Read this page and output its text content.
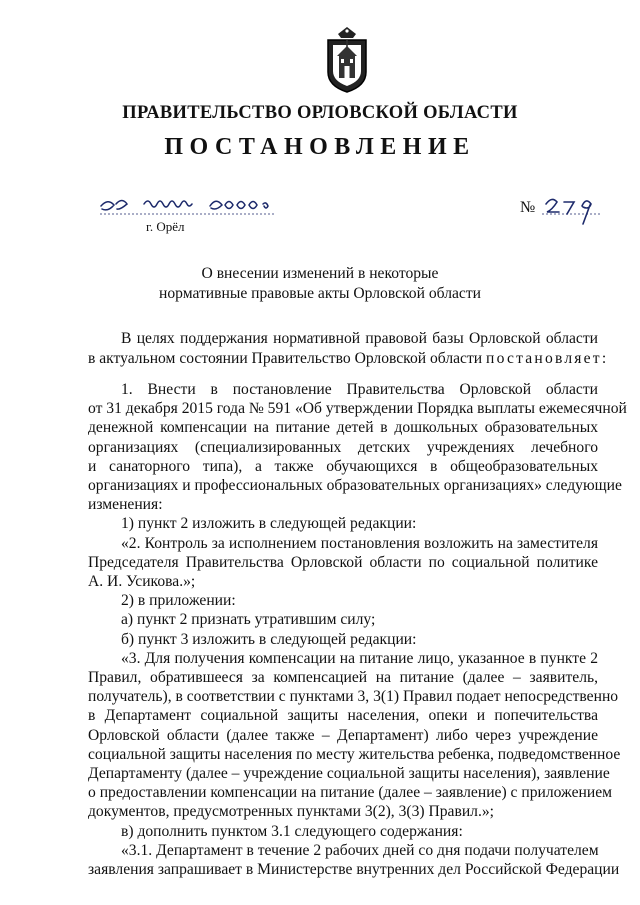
ПРАВИТЕЛЬСТВО ОРЛОВСКОЙ ОБЛАСТИ
ПОСТАНОВЛЕНИЕ
г. Орёл
№
О внесении изменений в некоторые
нормативные правовые акты Орловской области
В целях поддержания нормативной правовой базы Орловской области
в актуальном состоянии Правительство Орловской области постановляет:
1. Внести в постановление Правительства Орловской области
от 31 декабря 2015 года № 591 «Об утверждении Порядка выплаты ежемесячной
денежной компенсации на питание детей в дошкольных образовательных
организациях (специализированных детских учреждениях лечебного
и санаторного типа), а также обучающихся в общеобразовательных
организациях и профессиональных образовательных организациях» следующие
изменения:
1) пункт 2 изложить в следующей редакции:
«2. Контроль за исполнением постановления возложить на заместителя
Председателя Правительства Орловской области по социальной политике
А. И. Усикова.»;
2) в приложении:
а) пункт 2 признать утратившим силу;
б) пункт 3 изложить в следующей редакции:
«3. Для получения компенсации на питание лицо, указанное в пункте 2
Правил, обратившееся за компенсацией на питание (далее – заявитель,
получатель), в соответствии с пунктами 3, 3(1) Правил подает непосредственно
в Департамент социальной защиты населения, опеки и попечительства
Орловской области (далее также – Департамент) либо через учреждение
социальной защиты населения по месту жительства ребенка, подведомственное
Департаменту (далее – учреждение социальной защиты населения), заявление
о предоставлении компенсации на питание (далее – заявление) с приложением
документов, предусмотренных пунктами 3(2), 3(3) Правил.»;
в) дополнить пунктом 3.1 следующего содержания:
«3.1. Департамент в течение 2 рабочих дней со дня подачи получателем
заявления запрашивает в Министерстве внутренних дел Российской Федерации
